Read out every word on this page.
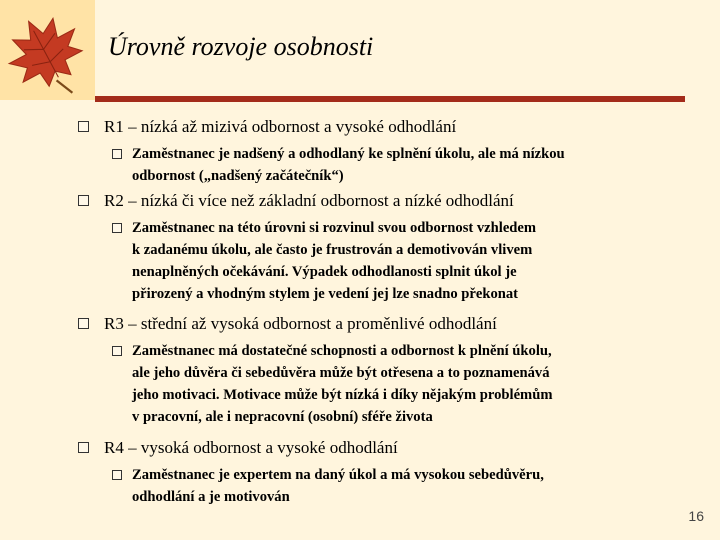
Úrovně rozvoje osobnosti
R1 – nízká až mizivá odbornost a vysoké odhodlání
Zaměstnanec je nadšený a odhodlaný ke splnění úkolu, ale má nízkou
odbornost („nadšený začátečník“)
R2 – nízká či více než základní odbornost a nízké odhodlání
Zaměstnanec na této úrovni si rozvinul svou odbornost vzhledem
k zadanému úkolu, ale často je frustrován a demotivován vlivem
nenaplněných očekávání. Výpadek odhodlanosti splnit úkol je
přirozený a vhodným stylem je vedení jej lze snadno překonat
R3 – střední až vysoká odbornost a proměnlivé odhodlání
Zaměstnanec má dostatečné schopnosti a odbornost k plnění úkolu,
ale jeho důvěra či sebedůvěra může být otřesena a to poznamenává
jeho motivaci. Motivace může být nízká i díky nějakým problémům
v pracovní, ale i nepracovní (osobní) sféře života
R4 – vysoká odbornost a vysoké odhodlání
Zaměstnanec je expertem na daný úkol a má vysokou sebedůvěru,
odhodlání a je motivován
16
